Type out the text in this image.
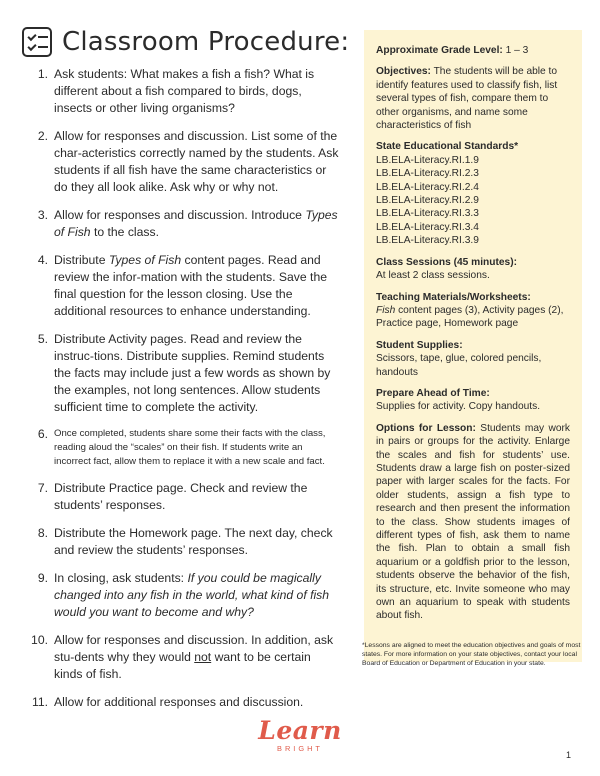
Classroom Procedure:
1. Ask students: What makes a fish a fish? What is different about a fish compared to birds, dogs, insects or other living organisms?
2. Allow for responses and discussion. List some of the char-acteristics correctly named by the students. Ask students if all fish have the same characteristics or do they all look alike. Ask why or why not.
3. Allow for responses and discussion. Introduce Types of Fish to the class.
4. Distribute Types of Fish content pages. Read and review the infor-mation with the students. Save the final question for the lesson closing. Use the additional resources to enhance understanding.
5. Distribute Activity pages. Read and review the instruc-tions. Distribute supplies. Remind students the facts may include just a few words as shown by the examples, not long sentences. Allow students sufficient time to complete the activity.
6. Once completed, students share some their facts with the class, reading aloud the “scales” on their fish. If students write an incorrect fact, allow them to replace it with a new scale and fact.
7. Distribute Practice page. Check and review the students’ responses.
8. Distribute the Homework page. The next day, check and review the students’ responses.
9. In closing, ask students: If you could be magically changed into any fish in the world, what kind of fish would you want to become and why?
10. Allow for responses and discussion. In addition, ask stu-dents why they would not want to be certain kinds of fish.
11. Allow for additional responses and discussion.
Approximate Grade Level: 1 – 3
Objectives: The students will be able to identify features used to classify fish, list several types of fish, compare them to other organisms, and name some characteristics of fish
State Educational Standards*
LB.ELA-Literacy.RI.1.9
LB.ELA-Literacy.RI.2.3
LB.ELA-Literacy.RI.2.4
LB.ELA-Literacy.RI.2.9
LB.ELA-Literacy.RI.3.3
LB.ELA-Literacy.RI.3.4
LB.ELA-Literacy.RI.3.9
Class Sessions (45 minutes):
At least 2 class sessions.
Teaching Materials/Worksheets:
Fish content pages (3), Activity pages (2), Practice page, Homework page
Student Supplies:
Scissors, tape, glue, colored pencils, handouts
Prepare Ahead of Time:
Supplies for activity. Copy handouts.
Options for Lesson: Students may work in pairs or groups for the activity. Enlarge the scales and fish for students’ use. Students draw a large fish on poster-sized paper with larger scales for the facts. For older students, assign a fish type to research and then present the information to the class. Show students images of different types of fish, ask them to name the fish. Plan to obtain a small fish aquarium or a goldfish prior to the lesson, students observe the behavior of the fish, its structure, etc. Invite someone who may own an aquarium to speak with students about fish.
*Lessons are aligned to meet the education objectives and goals of most states. For more information on your state objectives, contact your local Board of Education or Department of Education in your state.
Learn
BRIGHT
1
